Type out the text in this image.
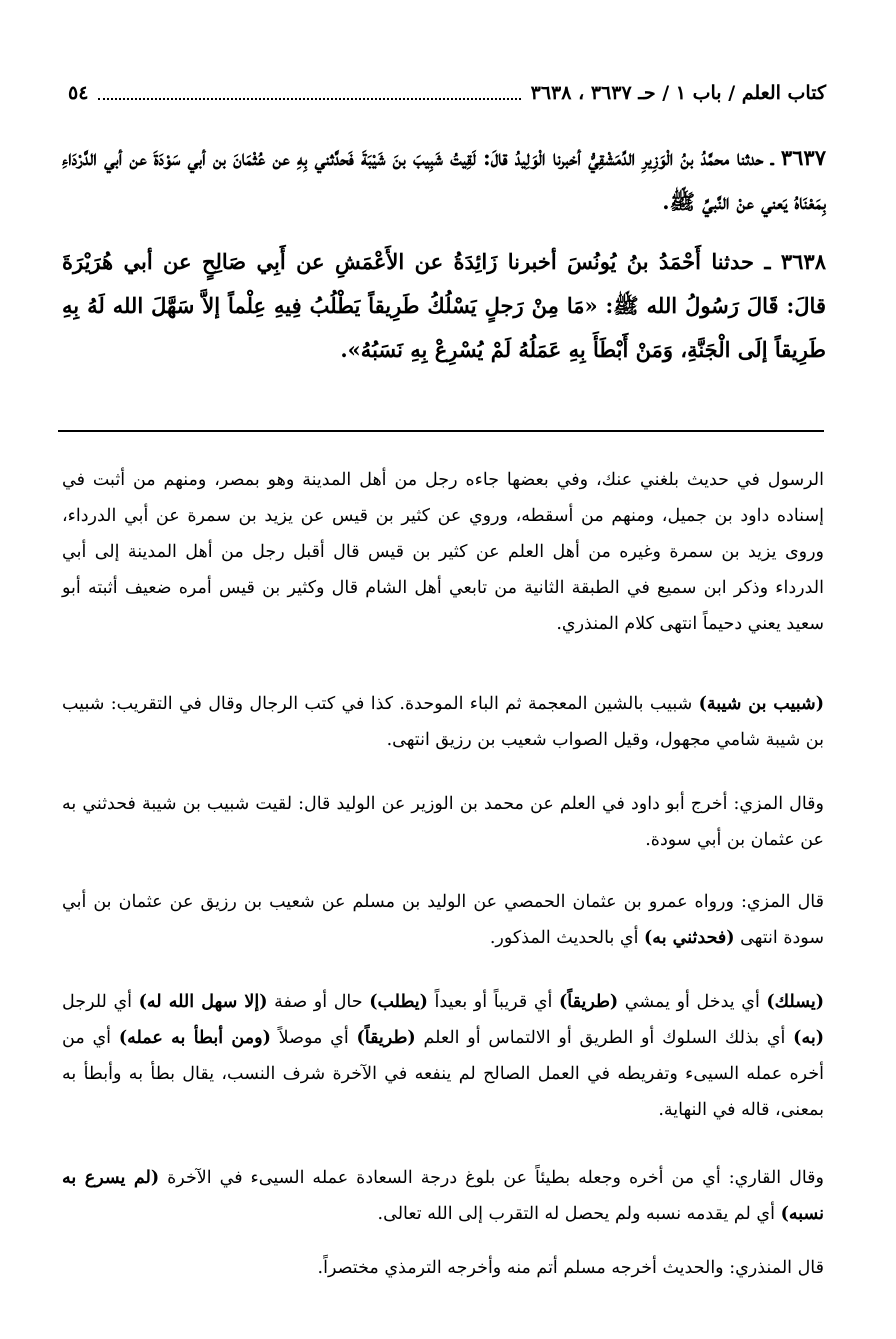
كتاب العلم / باب ١ / حـ ٣٦٣٧ ، ٣٦٣٨
٥٤
٣٦٣٧ ـ حدثنا محمَّدُ بنُ الْوَزِيرِ الدِّمَشْقِيُّ أخبرنا الْوَلِيدُ قالَ: لَقِيتُ شَبِيبَ بنَ شَيْبَةَ فَحدَّثني بِهِ عن عُثْمَانَ بن أبي سَوْدَةَ عن أبي الدَّرْدَاءِ بِمَعْنَاهُ يَعني عنْ النَّبيِّ ﷺ.
٣٦٣٨ ـ حدثنا أَحْمَدُ بنُ يُونُسَ أخبرنا زَائِدَةُ عن الأَعْمَشِ عن أَبِي صَالِحٍ عن أبي هُرَيْرَةَ قالَ: قَالَ رَسُولُ الله ﷺ: «مَا مِنْ رَجلٍ يَسْلُكُ طَرِيقاً يَطْلُبُ فِيهِ عِلْماً إلاَّ سَهَّلَ الله لَهُ بِهِ طَرِيقاً إلَى الْجَنَّةِ، وَمَنْ أَبْطَأَ بِهِ عَمَلُهُ لَمْ يُسْرِعْ بِهِ نَسَبُهُ».

الرسول في حديث بلغني عنك، وفي بعضها جاءه رجل من أهل المدينة وهو بمصر، ومنهم من أثبت في إسناده داود بن جميل، ومنهم من أسقطه، وروي عن كثير بن قيس عن يزيد بن سمرة عن أبي الدرداء، وروى يزيد بن سمرة وغيره من أهل العلم عن كثير بن قيس قال أقبل رجل من أهل المدينة إلى أبي الدرداء وذكر ابن سميع في الطبقة الثانية من تابعي أهل الشام قال وكثير بن قيس أمره ضعيف أثبته أبو سعيد يعني دحيماً انتهى كلام المنذري.

(شبيب بن شيبة) شبيب بالشين المعجمة ثم الباء الموحدة. كذا في كتب الرجال وقال في التقريب: شبيب بن شيبة شامي مجهول، وقيل الصواب شعيب بن رزيق انتهى.

وقال المزي: أخرج أبو داود في العلم عن محمد بن الوزير عن الوليد قال: لقيت شبيب بن شيبة فحدثني به عن عثمان بن أبي سودة.

قال المزي: ورواه عمرو بن عثمان الحمصي عن الوليد بن مسلم عن شعيب بن رزيق عن عثمان بن أبي سودة انتهى (فحدثني به) أي بالحديث المذكور.

(يسلك) أي يدخل أو يمشي (طريقاً) أي قريباً أو بعيداً (يطلب) حال أو صفة (إلا سهل الله له) أي للرجل (به) أي بذلك السلوك أو الطريق أو الالتماس أو العلم (طريقاً) أي موصلاً (ومن أبطأ به عمله) أي من أخره عمله السيىء وتفريطه في العمل الصالح لم ينفعه في الآخرة شرف النسب، يقال بطأ به وأبطأ به بمعنى، قاله في النهاية.

وقال القاري: أي من أخره وجعله بطيئاً عن بلوغ درجة السعادة عمله السيىء في الآخرة (لم يسرع به نسبه) أي لم يقدمه نسبه ولم يحصل له التقرب إلى الله تعالى.

قال المنذري: والحديث أخرجه مسلم أتم منه وأخرجه الترمذي مختصراً.
